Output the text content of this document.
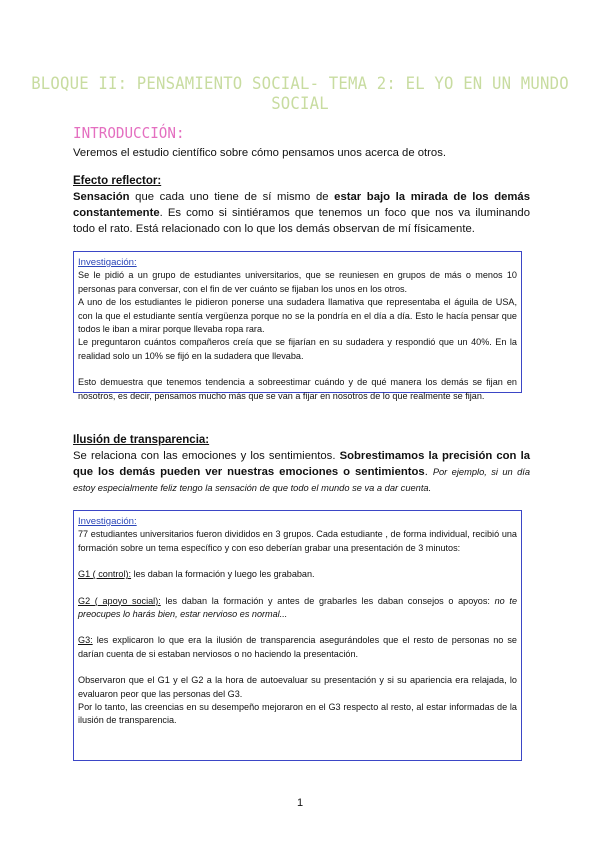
BLOQUE II: PENSAMIENTO SOCIAL- TEMA 2: EL YO EN UN MUNDO SOCIAL
INTRODUCCIÓN:
Veremos el estudio científico sobre cómo pensamos unos acerca de otros.
Efecto reflector:
Sensación que cada uno tiene de sí mismo de estar bajo la mirada de los demás constantemente. Es como si sintiéramos que tenemos un foco que nos va iluminando todo el rato. Está relacionado con lo que los demás observan de mí físicamente.
Investigación:

Se le pidió a un grupo de estudiantes universitarios, que se reuniesen en grupos de más o menos 10 personas para conversar, con el fin de ver cuánto se fijaban los unos en los otros.

A uno de los estudiantes le pidieron ponerse una sudadera llamativa que representaba el águila de USA, con la que el estudiante sentía vergüenza porque no se la pondría en el día a día. Esto le hacía pensar que todos le iban a mirar porque llevaba ropa rara.

Le preguntaron cuántos compañeros creía que se fijarían en su sudadera y respondió que un 40%. En la realidad solo un 10% se fijó en la sudadera que llevaba.

Esto demuestra que tenemos tendencia a sobreestimar cuándo y de qué manera los demás se fijan en nosotros, es decir, pensamos mucho más que se van a fijar en nosotros de lo que realmente se fijan.

Ilusión de transparencia:
Se relaciona con las emociones y los sentimientos. Sobrestimamos la precisión con la que los demás pueden ver nuestras emociones o sentimientos. Por ejemplo, si un día estoy especialmente feliz tengo la sensación de que todo el mundo se va a dar cuenta.
Investigación:

77 estudiantes universitarios fueron divididos en 3 grupos. Cada estudiante , de forma individual, recibió una formación sobre un tema específico y con eso deberían grabar una presentación de 3 minutos:

G1 ( control): les daban la formación y luego les grababan.

G2 ( apoyo social): les daban la formación y antes de grabarles les daban consejos o apoyos: no te preocupes lo harás bien, estar nervioso es normal...

G3: les explicaron lo que era la ilusión de transparencia asegurándoles que el resto de personas no se darían cuenta de si estaban nerviosos o no haciendo la presentación.

Observaron que el G1 y el G2 a la hora de autoevaluar su presentación y si su apariencia era relajada, lo evaluaron peor que las personas del G3.

Por lo tanto, las creencias en su desempeño mejoraron en el G3 respecto al resto, al estar informadas de la ilusión de transparencia.

1
